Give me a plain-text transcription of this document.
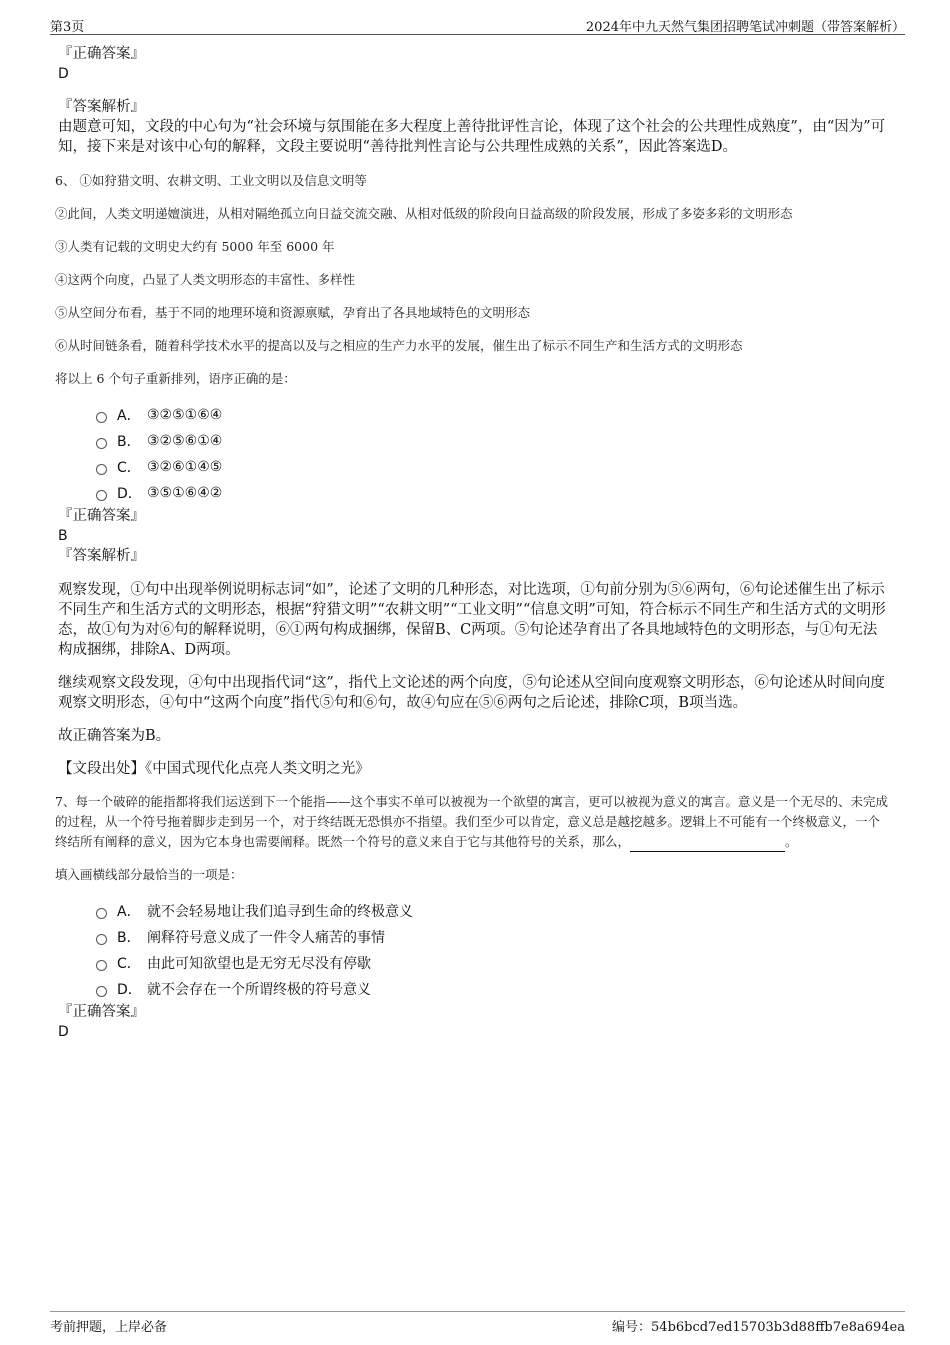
第3页	2024年中九天然气集团招聘笔试冲刺题（带答案解析）
『正确答案』
D
『答案解析』
由题意可知，文段的中心句为“社会环境与氛围能在多大程度上善待批评性言论，体现了这个社会的公共理性成熟度”，由“因为”可知，接下来是对该中心句的解释，文段主要说明“善待批判性言论与公共理性成熟的关系”，因此答案选D。
6、 ①如狩猎文明、农耕文明、工业文明以及信息文明等
②此间，人类文明递嬗演进，从相对隔绝孤立向日益交流交融、从相对低级的阶段向日益高级的阶段发展，形成了多姿多彩的文明形态
③人类有记载的文明史大约有 5000 年至 6000 年
④这两个向度，凸显了人类文明形态的丰富性、多样性
⑤从空间分布看，基于不同的地理环境和资源禀赋，孕育出了各具地域特色的文明形态
⑥从时间链条看，随着科学技术水平的提高以及与之相应的生产力水平的发展，催生出了标示不同生产和生活方式的文明形态
将以上 6 个句子重新排列，语序正确的是：
A． ③②⑤①⑥④
B． ③②⑤⑥①④
C． ③②⑥①④⑤
D． ③⑤①⑥④②
『正确答案』
B
『答案解析』
观察发现，①句中出现举例说明标志词“如”，论述了文明的几种形态，对比选项，①句前分别为⑤⑥两句，⑥句论述催生出了标示不同生产和生活方式的文明形态，根据“狩猎文明”“农耕文明”“工业文明”“信息文明”可知，符合标示不同生产和生活方式的文明形态，故①句为对⑥句的解释说明，⑥①两句构成捆绑，保留B、C两项。⑤句论述孕育出了各具地域特色的文明形态，与①句无法构成捆绑，排除A、D两项。
继续观察文段发现，④句中出现指代词“这”，指代上文论述的两个向度，⑤句论述从空间向度观察文明形态，⑥句论述从时间向度观察文明形态，④句中“这两个向度”指代⑤句和⑥句，故④句应在⑤⑥两句之后论述，排除C项，B项当选。
故正确答案为B。
【文段出处】《中国式现代化点亮人类文明之光》
7、每一个破碎的能指都将我们运送到下一个能指——这个事实不单可以被视为一个欲望的寓言，更可以被视为意义的寓言。意义是一个无尽的、未完成的过程，从一个符号拖着脚步走到另一个，对于终结既无恐惧亦不指望。我们至少可以肯定，意义总是越挖越多。逻辑上不可能有一个终极意义，一个终结所有阐释的意义，因为它本身也需要阐释。既然一个符号的意义来自于它与其他符号的关系，那么，	。
填入画横线部分最恰当的一项是：
A． 就不会轻易地让我们追寻到生命的终极意义
B． 阐释符号意义成了一件令人痛苦的事情
C． 由此可知欲望也是无穷无尽没有停歇
D． 就不会存在一个所谓终极的符号意义
『正确答案』
D
考前押题，上岸必备	编号：54b6bcd7ed15703b3d88ffb7e8a694ea
